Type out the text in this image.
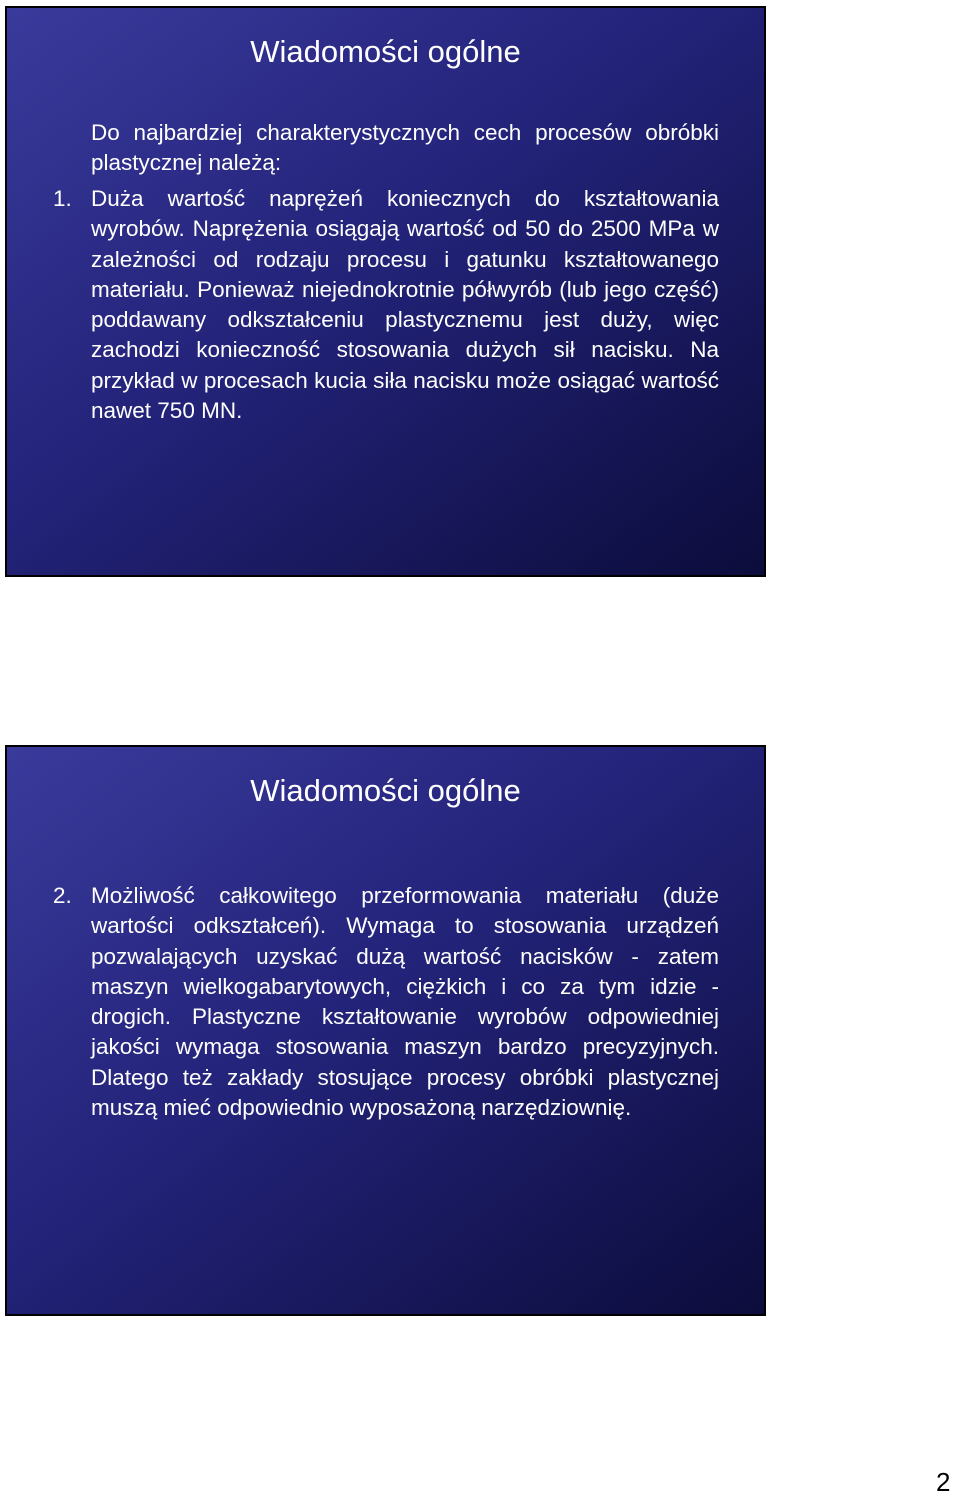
Wiadomości ogólne

Do najbardziej charakterystycznych cech procesów obróbki plastycznej należą:

1. Duża wartość naprężeń koniecznych do kształtowania wyrobów. Naprężenia osiągają wartość od 50 do 2500 MPa w zależności od rodzaju procesu i gatunku kształtowanego materiału. Ponieważ niejednokrotnie półwyrób (lub jego część) poddawany odkształceniu plastycznemu jest duży, więc zachodzi konieczność stosowania dużych sił nacisku. Na przykład w procesach kucia siła nacisku może osiągać wartość nawet 750 MN.

Wiadomości ogólne
2. Możliwość całkowitego przeformowania materiału (duże wartości odkształceń). Wymaga to stosowania urządzeń pozwalających uzyskać dużą wartość nacisków - zatem maszyn wielkogabarytowych, ciężkich i co za tym idzie - drogich. Plastyczne kształtowanie wyrobów odpowiedniej jakości wymaga stosowania maszyn bardzo precyzyjnych. Dlatego też zakłady stosujące procesy obróbki plastycznej muszą mieć odpowiednio wyposażoną narzędziownię.

2
